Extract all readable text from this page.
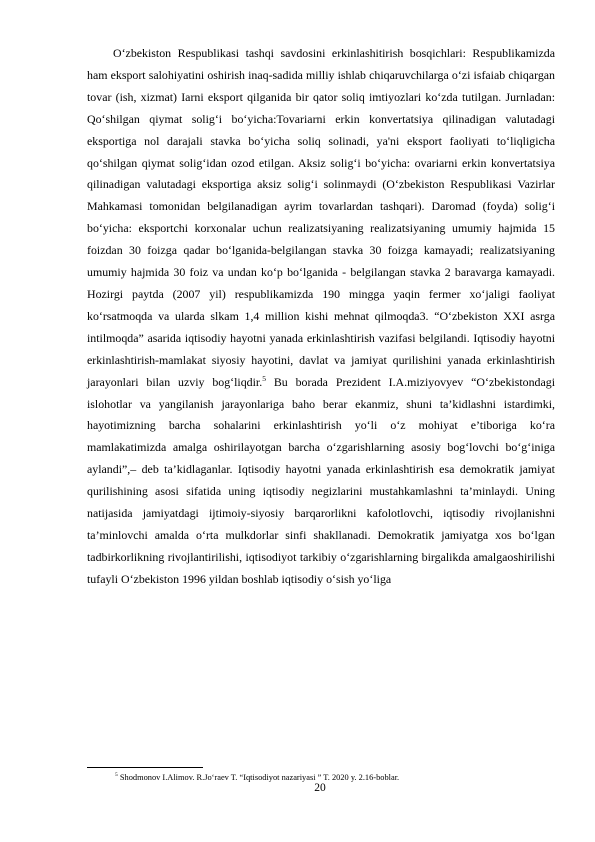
O‘zbekiston Respublikasi tashqi savdosini erkinlashitirish bosqichlari: Respublikamizda ham eksport salohiyatini oshirish inaq-sadida milliy ishlab chiqaruvchilarga o‘zi isfaiab chiqargan tovar (ish, xizmat) Iarni eksport qilganida bir qator soliq imtiyozlari ko‘zda tutilgan. Jurnladan: Qo‘shilgan qiymat solig‘i bo‘yicha:Tovariarni erkin konvertatsiya qilinadigan valutadagi eksportiga nol darajali stavka bo‘yicha soliq solinadi, ya'ni eksport faoliyati to‘liqligicha qo‘shilgan qiymat solig‘idan ozod etilgan. Aksiz solig‘i bo‘yicha: ovariarni erkin konvertatsiya qilinadigan valutadagi eksportiga aksiz solig‘i solinmaydi (O‘zbekiston Respublikasi Vazirlar Mahkamasi tomonidan belgilanadigan ayrim tovarlardan tashqari). Daromad (foyda) solig‘i bo‘yicha: eksportchi korxonalar uchun realizatsiyaning realizatsiyaning umumiy hajmida 15 foizdan 30 foizga qadar bo‘lganida-belgilangan stavka 30 foizga kamayadi; realizatsiyaning umumiy hajmida 30 foiz va undan ko‘p bo‘lganida - belgilangan stavka 2 baravarga kamayadi. Hozirgi paytda (2007 yil) respublikamizda 190 mingga yaqin fermer xo‘jaligi faoliyat ko‘rsatmoqda va ularda slkam 1,4 million kishi mehnat qilmoqda3. “O‘zbekiston XXI asrga intilmoqda” asarida iqtisodiy hayotni yanada erkinlashtirish vazifasi belgilandi. Iqtisodiy hayotni erkinlashtirish-mamlakat siyosiy hayotini, davlat va jamiyat qurilishini yanada erkinlashtirish jarayonlari bilan uzviy bog‘liqdir.$^5$ Bu borada Prezident I.A.miziyovyev “O‘zbekistondagi islohotlar va yangilanish jarayonlariga baho berar ekanmiz, shuni ta’kidlashni istardimki, hayotimizning barcha sohalarini erkinlashtirish yo‘li o‘z mohiyat e’tiboriga ko‘ra mamlakatimizda amalga oshirilayotgan barcha o‘zgarishlarning asosiy bog‘lovchi bo‘g‘iniga aylandi”,– deb ta’kidlaganlar. Iqtisodiy hayotni yanada erkinlashtirish esa demokratik jamiyat qurilishining asosi sifatida uning iqtisodiy negizlarini mustahkamlashni ta’minlaydi. Uning natijasida jamiyatdagi ijtimoiy-siyosiy barqarorlikni kafolotlovchi, iqtisodiy rivojlanishni ta’minlovchi amalda o‘rta mulkdorlar sinfi shakllanadi. Demokratik jamiyatga xos bo‘lgan tadbirkorlikning rivojlantirilishi, iqtisodiyot tarkibiy o‘zgarishlarning birgalikda amalgaoshirilishi tufayli O‘zbekiston 1996 yildan boshlab iqtisodiy o‘sish yo‘liga

$^5$ Shodmonov I.Alimov. R.Jo‘raev T. “Iqtisodiyot nazariyasi ” T. 2020 y. 2.16-boblar.
20
